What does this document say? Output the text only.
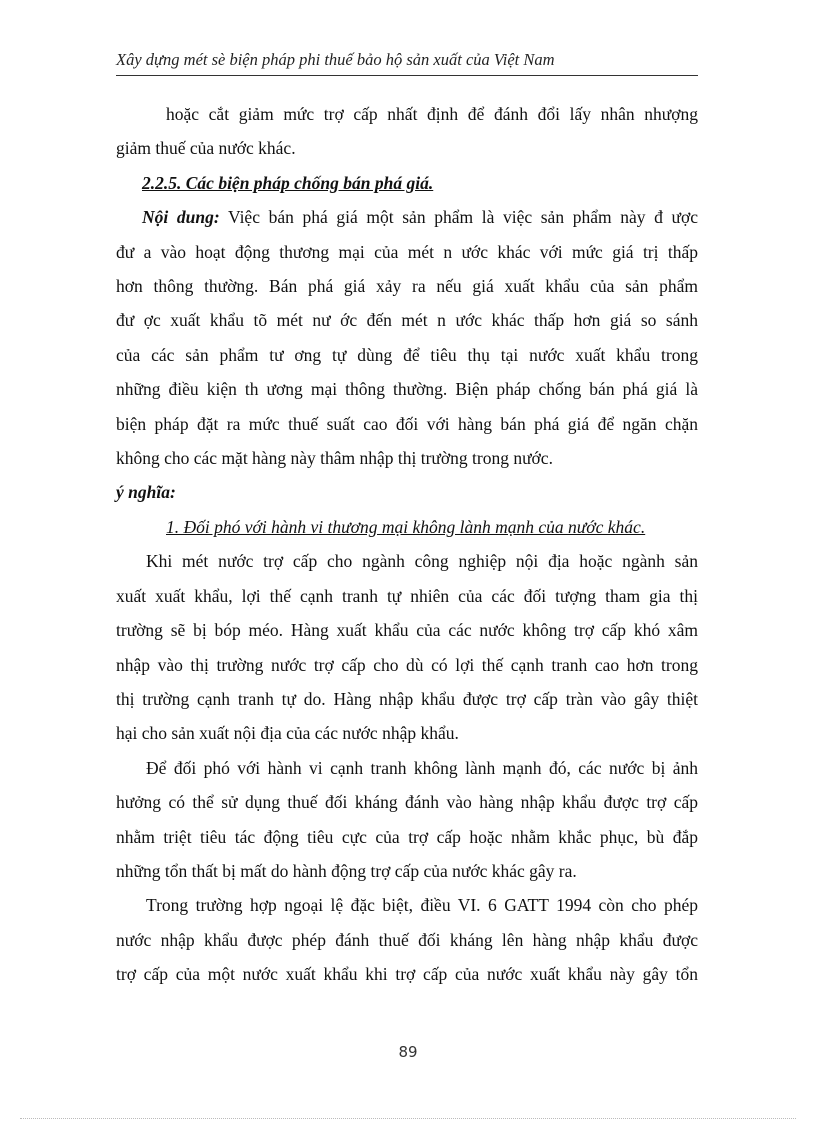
Xây dựng mét sè biện pháp phi thuế bảo hộ sản xuất của Việt Nam
hoặc cắt giảm mức trợ cấp nhất định để đánh đổi lấy nhân nhượng
giảm thuế của nước khác.
2.2.5. Các biện pháp chống bán phá giá.
Nội dung: Việc bán phá giá một sản phẩm là việc sản phẩm này đ ược
đư a vào hoạt động thương mại của mét n ước khác với mức giá trị thấp
hơn thông thường. Bán phá giá xảy ra nếu giá xuất khẩu của sản phẩm
đư ợc xuất khẩu tõ mét nư ớc đến mét n ước khác thấp hơn giá so sánh
của các sản phẩm tư ơng tự dùng để tiêu thụ tại nước xuất khẩu trong
những điều kiện th ương mại thông thường. Biện pháp chống bán phá giá là
biện pháp đặt ra mức thuế suất cao đối với hàng bán phá giá để ngăn chặn
không cho các mặt hàng này thâm nhập thị trường trong nước.
ý nghĩa:
1. Đối phó với hành vi thương mại không lành mạnh của nước khác.
Khi mét nước trợ cấp cho ngành công nghiệp nội địa hoặc ngành sản
xuất xuất khẩu, lợi thế cạnh tranh tự nhiên của các đối tượng tham gia thị
trường sẽ bị bóp méo. Hàng xuất khẩu của các nước không trợ cấp khó xâm
nhập vào thị trường nước trợ cấp cho dù có lợi thế cạnh tranh cao hơn trong
thị trường cạnh tranh tự do. Hàng nhập khẩu được trợ cấp tràn vào gây thiệt
hại cho sản xuất nội địa của các nước nhập khẩu.
Để đối phó với hành vi cạnh tranh không lành mạnh đó, các nước bị ảnh
hưởng có thể sử dụng thuế đối kháng đánh vào hàng nhập khẩu được trợ cấp
nhằm triệt tiêu tác động tiêu cực của trợ cấp hoặc nhằm khắc phục, bù đắp
những tổn thất bị mất do hành động trợ cấp của nước khác gây ra.
Trong trường hợp ngoại lệ đặc biệt, điều VI. 6 GATT 1994 còn cho phép
nước nhập khẩu được phép đánh thuế đối kháng lên hàng nhập khẩu được
trợ cấp của một nước xuất khẩu khi trợ cấp của nước xuất khẩu này gây tổn
89
